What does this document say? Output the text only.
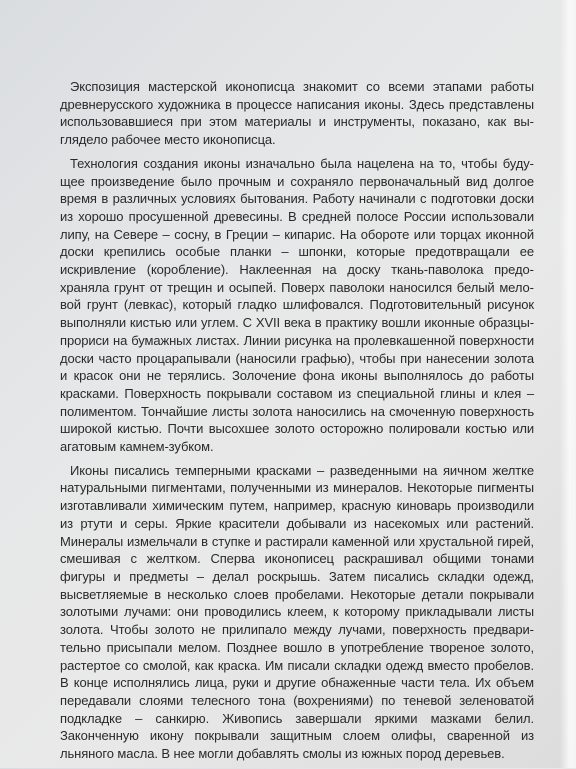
Экспозиция мастерской иконописца знакомит со всеми этапами работы древнерусского художника в процессе написания иконы. Здесь представлены использовавшиеся при этом материалы и инструменты, показано, как выглядело рабочее место иконописца.

Технология создания иконы изначально была нацелена на то, чтобы будущее произведение было прочным и сохраняло первоначальный вид долгое время в различных условиях бытования. Работу начинали с подготовки доски из хорошо просушенной древесины. В средней полосе России использовали липу, на Севере – сосну, в Греции – кипарис. На обороте или торцах иконной доски крепились особые планки – шпонки, которые предотвращали ее искривление (коробление). Наклеенная на доску ткань-паволока предохраняла грунт от трещин и осыпей. Поверх паволоки наносился белый меловой грунт (левкас), который гладко шлифовался. Подготовительный рисунок выполняли кистью или углем. С XVII века в практику вошли иконные образцы-прориси на бумажных листах. Линии рисунка на пролевкашенной поверхности доски часто процарапывали (наносили графью), чтобы при нанесении золота и красок они не терялись. Золочение фона иконы выполнялось до работы красками. Поверхность покрывали составом из специальной глины и клея – полиментом. Тончайшие листы золота наносились на смоченную поверхность широкой кистью. Почти высохшее золото осторожно полировали костью или агатовым камнем-зубком.

Иконы писались темперными красками – разведенными на яичном желтке натуральными пигментами, полученными из минералов. Некоторые пигменты изготавливали химическим путем, например, красную киноварь производили из ртути и серы. Яркие красители добывали из насекомых или растений. Минералы измельчали в ступке и растирали каменной или хрустальной гирей, смешивая с желтком. Сперва иконописец раскрашивал общими тонами фигуры и предметы – делал роскрышь. Затем писались складки одежд, высветляемые в несколько слоев пробелами. Некоторые детали покрывали золотыми лучами: они проводились клеем, к которому прикладывали листы золота. Чтобы золото не прилипало между лучами, поверхность предварительно присыпали мелом. Позднее вошло в употребление твореное золото, растертое со смолой, как краска. Им писали складки одежд вместо пробелов. В конце исполнялись лица, руки и другие обнаженные части тела. Их объем передавали слоями телесного тона (вохрениями) по теневой зеленоватой подкладке – санкирю. Живопись завершали яркими мазками белил. Законченную икону покрывали защитным слоем олифы, сваренной из льняного масла. В нее могли добавлять смолы из южных пород деревьев.
